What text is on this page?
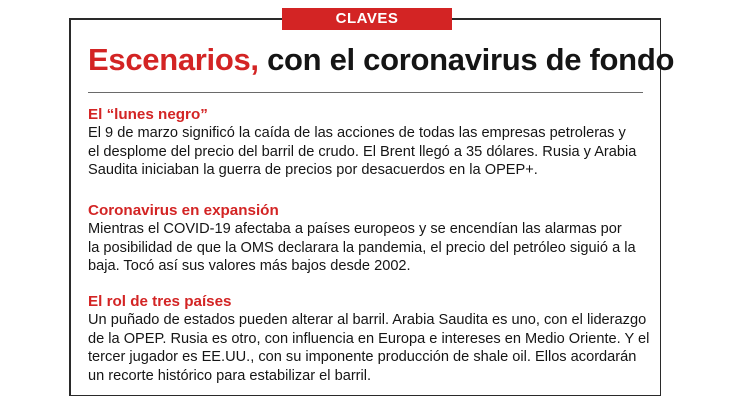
CLAVES
Escenarios, con el coronavirus de fondo
El “lunes negro”

El 9 de marzo significó la caída de las acciones de todas las empresas petroleras y
el desplome del precio del barril de crudo. El Brent llegó a 35 dólares. Rusia y Arabia
Saudita iniciaban la guerra de precios por desacuerdos en la OPEP+.

Coronavirus en expansión

Mientras el COVID-19 afectaba a países europeos y se encendían las alarmas por
la posibilidad de que la OMS declarara la pandemia, el precio del petróleo siguió a la
baja. Tocó así sus valores más bajos desde 2002.

El rol de tres países

Un puñado de estados pueden alterar al barril. Arabia Saudita es uno, con el liderazgo
de la OPEP. Rusia es otro, con influencia en Europa e intereses en Medio Oriente. Y el
tercer jugador es EE.UU., con su imponente producción de shale oil. Ellos acordarán
un recorte histórico para estabilizar el barril.
